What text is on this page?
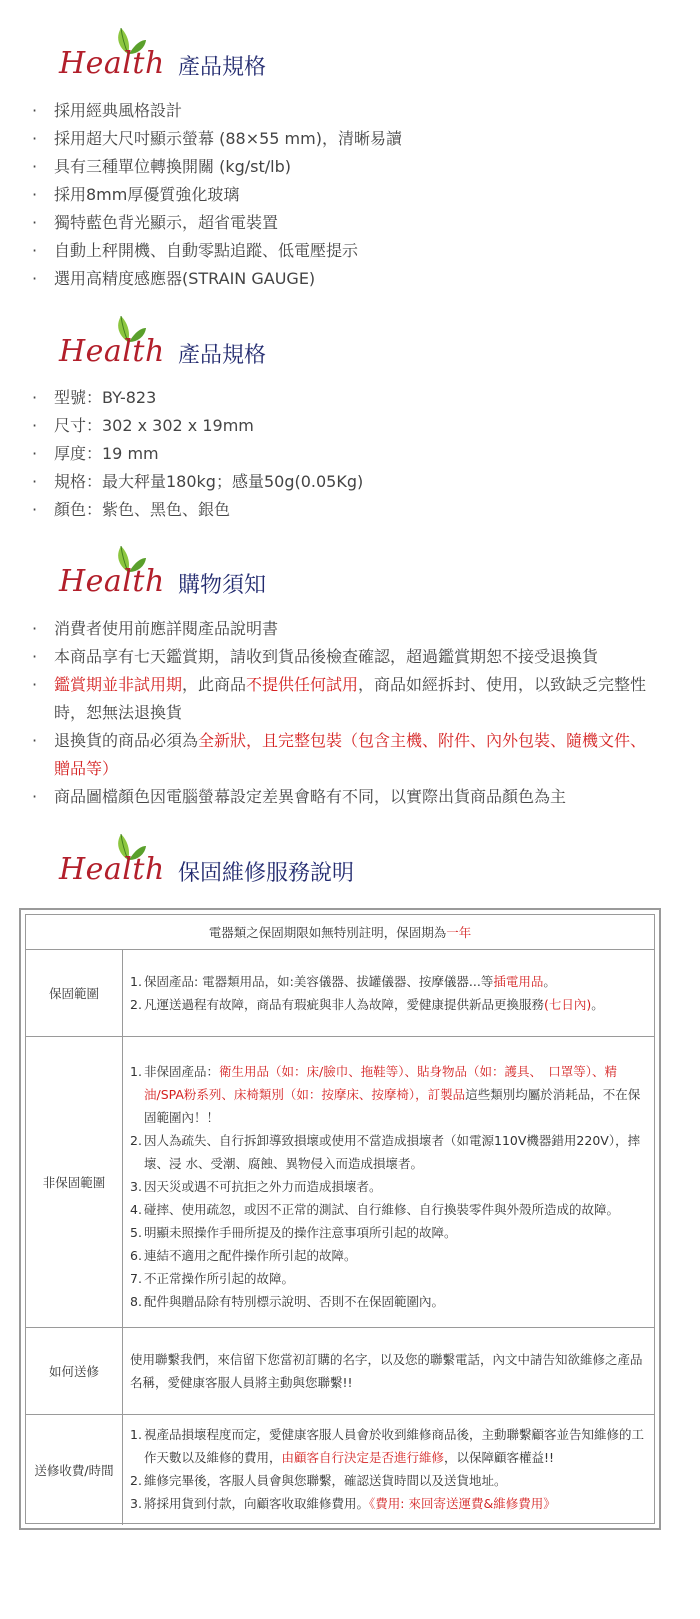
Health 產品規格
· 採用經典風格設計
· 採用超大尺吋顯示螢幕 (88×55 mm)，清晰易讀
· 具有三種單位轉換開關 (kg/st/lb)
· 採用8mm厚優質強化玻璃
· 獨特藍色背光顯示，超省電裝置
· 自動上秤開機、自動零點追蹤、低電壓提示
· 選用高精度感應器(STRAIN GAUGE)
Health 產品規格
· 型號：BY-823
· 尺寸：302 x 302 x 19mm
· 厚度：19 mm
· 規格：最大秤量180kg；感量50g(0.05Kg)
· 顏色：紫色、黑色、銀色
Health 購物須知
· 消費者使用前應詳閱產品說明書
· 本商品享有七天鑑賞期，請收到貨品後檢查確認，超過鑑賞期恕不接受退換貨
· 鑑賞期並非試用期，此商品不提供任何試用，商品如經拆封、使用，以致缺乏完整性時，恕無法退換貨
· 退換貨的商品必須為全新狀，且完整包裝（包含主機、附件、內外包裝、隨機文件、贈品等）
· 商品圖檔顏色因電腦螢幕設定差異會略有不同，以實際出貨商品顏色為主
Health 保固維修服務說明
電器類之保固期限如無特別註明，保固期為 一年
保固範圍
1. 保固產品: 電器類用品，如:美容儀器、拔罐儀器、按摩儀器...等插電用品。
2. 凡運送過程有故障，商品有瑕疵與非人為故障，愛健康提供新品更換服務(七日內)。
非保固範圍
1. 非保固產品：衛生用品（如：床/臉巾、拖鞋等）、貼身物品（如：護具、　口罩等）、精油/SPA粉系列、床椅類別（如：按摩床、按摩椅），訂製品這些類別均屬於消耗品，不在保固範圍內！！
2. 因人為疏失、自行拆卸導致損壞或使用不當造成損壞者（如電源110V機器錯用220V），摔壞、浸 水、受潮、腐蝕、異物侵入而造成損壞者。
3. 因天災或遇不可抗拒之外力而造成損壞者。
4. 碰摔、使用疏忽，或因不正常的測試、自行維修、自行換裝零件與外殼所造成的故障。
5. 明顯未照操作手冊所提及的操作注意事項所引起的故障。
6. 連結不適用之配件操作所引起的故障。
7. 不正常操作所引起的故障。
8. 配件與贈品除有特別標示說明、否則不在保固範圍內。
如何送修
使用聯繫我們，來信留下您當初訂購的名字，以及您的聯繫電話，內文中請告知欲維修之產品名稱，愛健康客服人員將主動與您聯繫!!
送修收費/時間
1. 視產品損壞程度而定，愛健康客服人員會於收到維修商品後，主動聯繫顧客並告知維修的工作天數以及維修的費用，由顧客自行決定是否進行維修，以保障顧客權益!!
2. 維修完畢後，客服人員會與您聯繫，確認送貨時間以及送貨地址。
3. 將採用貨到付款，向顧客收取維修費用。《費用: 來回寄送運費&維修費用》
